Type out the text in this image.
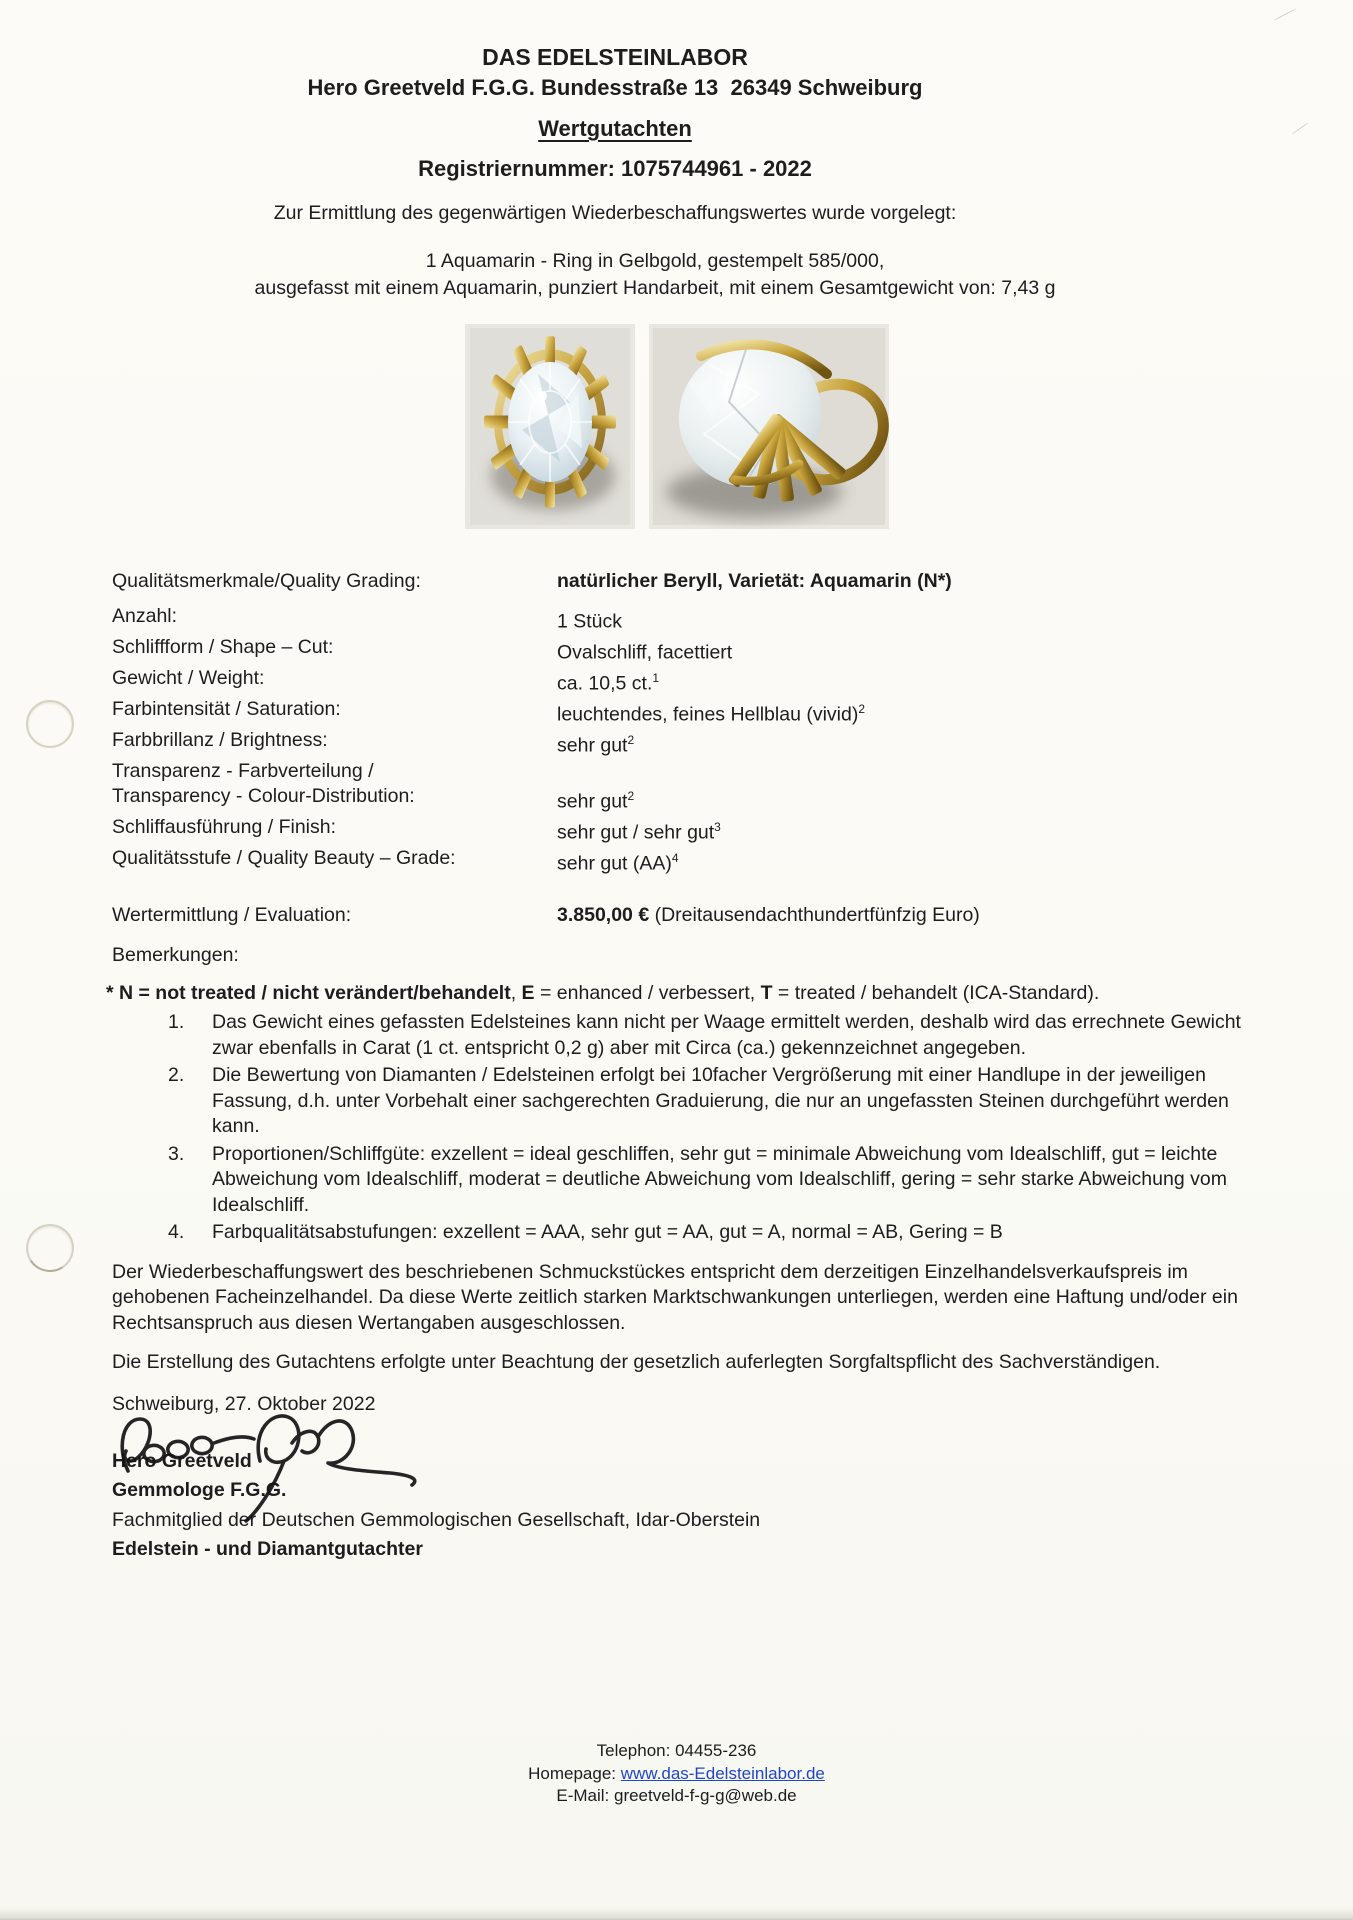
DAS EDELSTEINLABOR
Hero Greetveld F.G.G. Bundesstraße 13  26349 Schweiburg
Wertgutachten
Registriernummer: 1075744961 - 2022
Zur Ermittlung des gegenwärtigen Wiederbeschaffungswertes wurde vorgelegt:
1 Aquamarin - Ring in Gelbgold, gestempelt 585/000,
ausgefasst mit einem Aquamarin, punziert Handarbeit, mit einem Gesamtgewicht von: 7,43 g
Qualitätsmerkmale/Quality Grading:	natürlicher Beryll, Varietät: Aquamarin (N*)
Anzahl:	1 Stück
Schliffform / Shape – Cut:	Ovalschliff, facettiert
Gewicht / Weight:	ca. 10,5 ct.$^1$
Farbintensität / Saturation:	leuchtendes, feines Hellblau (vivid)$^2$
Farbbrillanz / Brightness:	sehr gut$^2$
Transparenz - Farbverteilung /
Transparency - Colour-Distribution:	sehr gut$^2$
Schliffausführung / Finish:	sehr gut / sehr gut$^3$
Qualitätsstufe / Quality Beauty – Grade:	sehr gut (AA)$^4$
Wertermittlung / Evaluation:	3.850,00 € (Dreitausendachthundertfünfzig Euro)
Bemerkungen:
* N = not treated / nicht verändert/behandelt, E = enhanced / verbessert, T = treated / behandelt (ICA-Standard).
1.	Das Gewicht eines gefassten Edelsteines kann nicht per Waage ermittelt werden, deshalb wird das errechnete Gewicht zwar ebenfalls in Carat (1 ct. entspricht 0,2 g) aber mit Circa (ca.) gekennzeichnet angegeben.
2.	Die Bewertung von Diamanten / Edelsteinen erfolgt bei 10facher Vergrößerung mit einer Handlupe in der jeweiligen Fassung, d.h. unter Vorbehalt einer sachgerechten Graduierung, die nur an ungefassten Steinen durchgeführt werden kann.
3.	Proportionen/Schliffgüte: exzellent = ideal geschliffen, sehr gut = minimale Abweichung vom Idealschliff, gut = leichte Abweichung vom Idealschliff, moderat = deutliche Abweichung vom Idealschliff, gering = sehr starke Abweichung vom Idealschliff.
4.	Farbqualitätsabstufungen: exzellent = AAA, sehr gut = AA, gut = A, normal = AB, Gering = B
Der Wiederbeschaffungswert des beschriebenen Schmuckstückes entspricht dem derzeitigen Einzelhandelsverkaufspreis im gehobenen Facheinzelhandel. Da diese Werte zeitlich starken Marktschwankungen unterliegen, werden eine Haftung und/oder ein Rechtsanspruch aus diesen Wertangaben ausgeschlossen.
Die Erstellung des Gutachtens erfolgte unter Beachtung der gesetzlich auferlegten Sorgfaltspflicht des Sachverständigen.
Schweiburg, 27. Oktober 2022
Hero Greetveld
Gemmologe F.G.G.
Fachmitglied der Deutschen Gemmologischen Gesellschaft, Idar-Oberstein
Edelstein - und Diamantgutachter
Telephon: 04455-236
Homepage: www.das-Edelsteinlabor.de
E-Mail: greetveld-f-g-g@web.de
